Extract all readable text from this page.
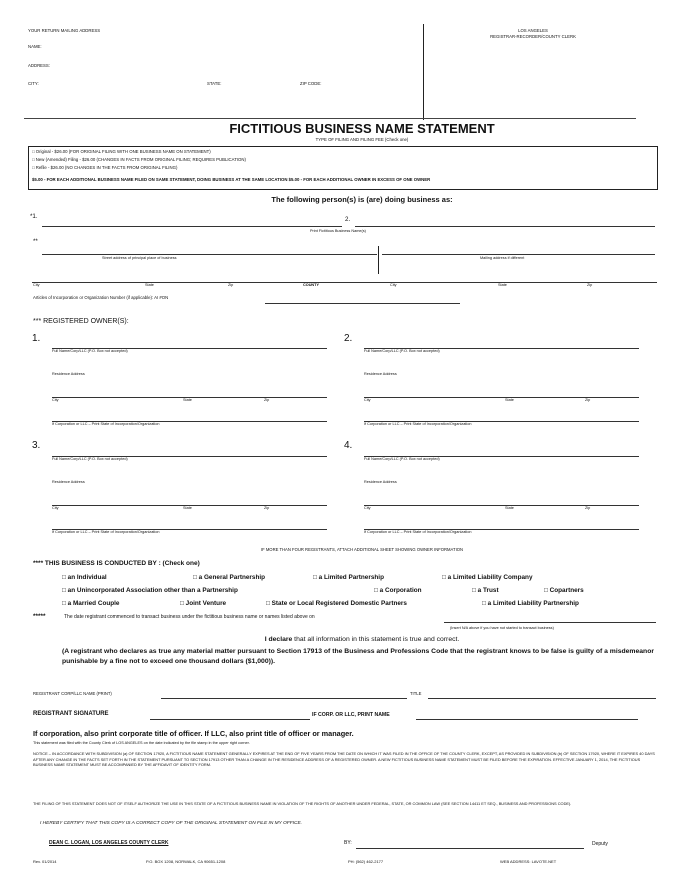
YOUR RETURN MAILING ADDRESS
NAME:
ADDRESS:
CITY:	STATE:	ZIP CODE:
LOS ANGELES
REGISTRAR-RECORDER/COUNTY CLERK
FICTITIOUS BUSINESS NAME STATEMENT
TYPE OF FILING AND FILING FEE (Check one)
□ Original - $26.00 (FOR ORIGINAL FILING WITH ONE BUSINESS NAME ON STATEMENT)
□ New (Amended) Filing - $26.00 (CHANGES IN FACTS FROM ORIGINAL FILING; REQUIRES PUBLICATION)
□ Refile - $26.00 (NO CHANGES IN THE FACTS FROM ORIGINAL FILING)
$5.00 - FOR EACH ADDITIONAL BUSINESS NAME FILED ON SAME STATEMENT, DOING BUSINESS AT THE SAME LOCATION $5.00 - FOR EACH ADDITIONAL OWNER IN EXCESS OF ONE OWNER
The following person(s) is (are) doing business as:
*1.	2.
Print Fictitious Business Name(s)
**
Street address of principal place of business	Mailing address if different
City	State	Zip	COUNTY	City	State	Zip
Articles of Incorporation or Organization Number (if applicable): AI #ON
*** REGISTERED OWNER(S):
1.
Full Name/Corp/LLC (P.O. Box not accepted)
Residence Address
City	State	Zip
If Corporation or LLC – Print State of Incorporation/Organization
2.
Full Name/Corp/LLC (P.O. Box not accepted)
Residence Address
City	State	Zip
If Corporation or LLC – Print State of Incorporation/Organization
3.
Full Name/Corp/LLC (P.O. Box not accepted)
Residence Address
City	State	Zip
If Corporation or LLC – Print State of Incorporation/Organization
4.
Full Name/Corp/LLC (P.O. Box not accepted)
Residence Address
City	State	Zip
If Corporation or LLC – Print State of Incorporation/Organization
IF MORE THAN FOUR REGISTRANTS, ATTACH ADDITIONAL SHEET SHOWING OWNER INFORMATION
**** THIS BUSINESS IS CONDUCTED BY : (Check one)
□ an Individual	□ a General Partnership	□ a Limited Partnership	□ a Limited Liability Company
□ an Unincorporated Association other than a Partnership	□ a Corporation	□ a Trust	□ Copartners
□ a Married Couple	□ Joint Venture	□ State or Local Registered Domestic Partners	□ a Limited Liability Partnership
*****	The date registrant commenced to transact business under the fictitious business name or names listed above on
(Insert N/A above if you have not started to transact business)
I declare that all information in this statement is true and correct.
(A registrant who declares as true any material matter pursuant to Section 17913 of the Business and Professions Code that the registrant knows to be false is guilty of a misdemeanor punishable by a fine not to exceed one thousand dollars ($1,000)).
REGISTRANT CORP/LLC NAME (PRINT)	TITLE
REGISTRANT SIGNATURE	IF CORP. OR LLC, PRINT NAME
If corporation, also print corporate title of officer. If LLC, also print title of officer or manager.
This statement was filed with the County Clerk of LOS ANGELES on the date indicated by the file stamp in the upper right corner.
NOTICE – IN ACCORDANCE WITH SUBDIVISION (a) OF SECTION 17920, A FICTITIOUS NAME STATEMENT GENERALLY EXPIRES AT THE END OF FIVE YEARS FROM THE DATE ON WHICH IT WAS FILED IN THE OFFICE OF THE COUNTY CLERK, EXCEPT, AS PROVIDED IN SUBDIVISION (b) OF SECTION 17920, WHERE IT EXPIRES 40 DAYS AFTER ANY CHANGE IN THE FACTS SET FORTH IN THE STATEMENT PURSUANT TO SECTION 17913 OTHER THAN A CHANGE IN THE RESIDENCE ADDRESS OF A REGISTERED OWNER. A NEW FICTITIOUS BUSINESS NAME STATEMENT MUST BE FILED BEFORE THE EXPIRATION. EFFECTIVE JANUARY 1, 2014, THE FICTITIOUS BUSINESS NAME STATEMENT MUST BE ACCOMPANIED BY THE AFFIDAVIT OF IDENTITY FORM.
THE FILING OF THIS STATEMENT DOES NOT OF ITSELF AUTHORIZE THE USE IN THIS STATE OF A FICTITIOUS BUSINESS NAME IN VIOLATION OF THE RIGHTS OF ANOTHER UNDER FEDERAL, STATE, OR COMMON LAW (SEE SECTION 14411 ET SEQ., BUSINESS AND PROFESSIONS CODE).
I HEREBY CERTIFY THAT THIS COPY IS A CORRECT COPY OF THE ORIGINAL STATEMENT ON FILE IN MY OFFICE.
DEAN C. LOGAN, LOS ANGELES COUNTY CLERK	BY:	Deputy
Rev. 01/2014	P.O. BOX 1208, NORWALK, CA 90651-1208	PH: (562) 462-2177	WEB ADDRESS: LAVOTE.NET
